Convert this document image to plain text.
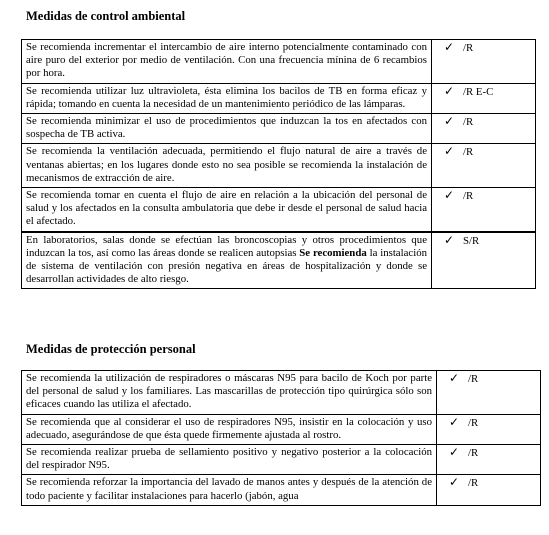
Medidas de control ambiental
Se recomienda incrementar el intercambio de aire interno potencialmente contaminado con aire puro del exterior por medio de ventilación. Con una frecuencia mínina de 6 recambios por hora.	✓ /R
Se recomienda utilizar luz ultravioleta, ésta elimina los bacilos de TB en forma eficaz y rápida; tomando en cuenta la necesidad de un mantenimiento periódico de las lámparas.	✓ /R E-C
Se recomienda minimizar el uso de procedimientos que induzcan la tos en afectados con sospecha de TB activa.	✓ /R
Se recomienda la ventilación adecuada, permitiendo el flujo natural de aire a través de ventanas abiertas; en los lugares donde esto no sea posible se recomienda la instalación de mecanismos de extracción de aire.	✓ /R
Se recomienda tomar en cuenta el flujo de aire en relación a la ubicación del personal de salud y los afectados en la consulta ambulatoria que debe ir desde el personal de salud hacia el afectado.	✓ /R
En laboratorios, salas donde se efectúan las broncoscopias y otros procedimientos que induzcan la tos, así como las áreas donde se realicen autopsias Se recomienda la instalación de sistema de ventilación con presión negativa en áreas de hospitalización y donde se desarrollan actividades de alto riesgo.	✓ S/R
Medidas de protección personal
Se recomienda la utilización de respiradores o máscaras N95 para bacilo de Koch por parte del personal de salud y los familiares. Las mascarillas de protección tipo quirúrgica sólo son eficaces cuando las utiliza el afectado.	✓ /R
Se recomienda que al considerar el uso de respiradores N95, insistir en la colocación y uso adecuado, asegurándose de que ésta quede firmemente ajustada al rostro.	✓ /R
Se recomienda realizar prueba de sellamiento positivo y negativo posterior a la colocación del respirador N95.	✓ /R
Se recomienda reforzar la importancia del lavado de manos antes y después de la atención de todo paciente y facilitar instalaciones para hacerlo (jabón, agua	✓ /R
